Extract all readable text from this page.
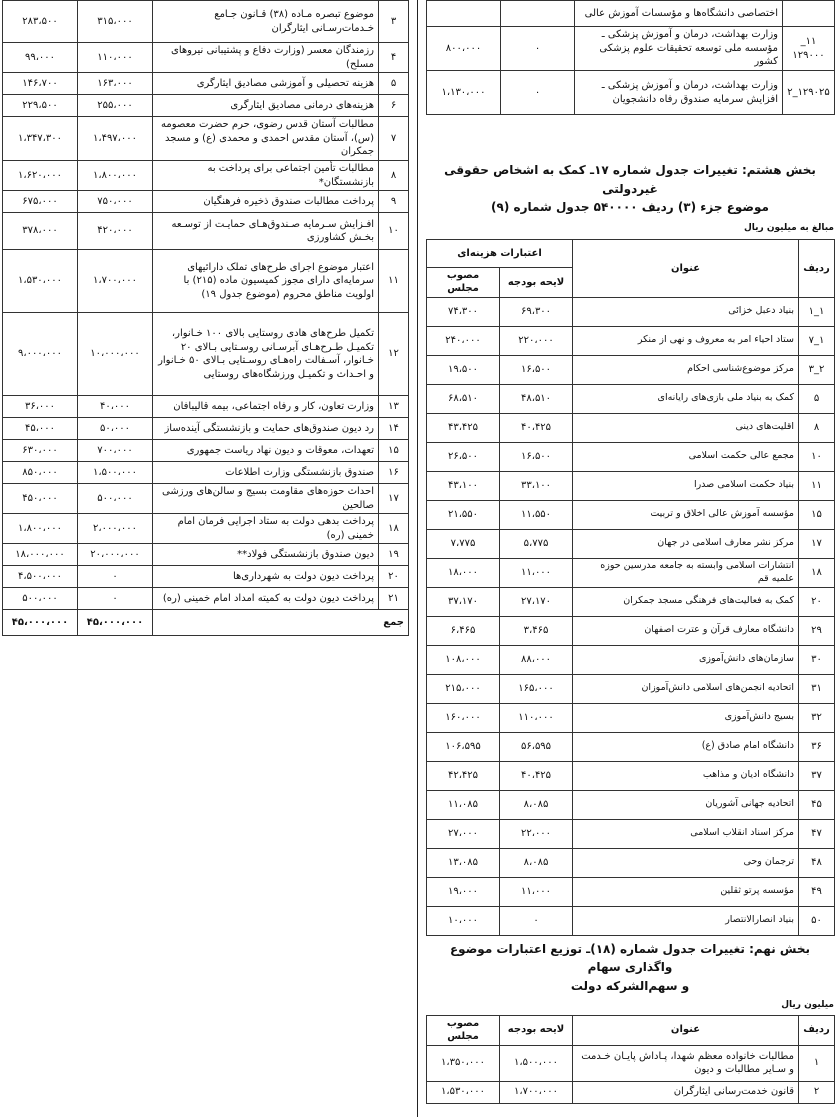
۳	موضوع تبصره مـاده (۳۸) قـانون جـامع خـدمات‌رسـانی ایثارگران	۳۱۵،۰۰۰	۲۸۳،۵۰۰
۴	رزمندگان معسر (وزارت دفاع و پشتیبانی نیروهای مسلح)	۱۱۰،۰۰۰	۹۹،۰۰۰
۵	هزینه تحصیلی و آموزشی مصادیق ایثارگری	۱۶۳،۰۰۰	۱۴۶،۷۰۰
۶	هزینه‌های درمانی مصادیق ایثارگری	۲۵۵،۰۰۰	۲۲۹،۵۰۰
۷	مطالبات آستان قدس رضوی، حرم حضرت معصومه (س)، آستان مقدس احمدی و محمدی (ع) و مسجد جمکران	۱،۴۹۷،۰۰۰	۱،۳۴۷،۳۰۰
۸	مطالبات تأمین اجتماعی برای پرداخت به بازنشستگان*	۱،۸۰۰،۰۰۰	۱،۶۲۰،۰۰۰
۹	پرداخت مطالبات صندوق ذخیره فرهنگیان	۷۵۰،۰۰۰	۶۷۵،۰۰۰
۱۰	افـزایش سـرمایه صـندوق‌هـای حمایـت از توسـعه بخـش کشاورزی	۴۲۰،۰۰۰	۳۷۸،۰۰۰
۱۱	اعتبار موضوع اجرای طرح‌های تملک دارائیهای سرمایه‌ای دارای مجوز کمیسیون ماده (۲۱۵) با اولویت مناطق محروم (موضوع جدول ۱۹)	۱،۷۰۰،۰۰۰	۱،۵۳۰،۰۰۰
۱۲	تکمیل طرح‌های هادی روستایی بالای ۱۰۰ خـانوار، تکمیـل طـرح‌هـای آبرسـانی روسـتایی بـالای ۲۰ خـانوار، آسـفالت راه‌هـای روسـتایی بـالای ۵۰ خـانوار و احـداث و تکمیـل ورزشگاه‌های روستایی	۱۰،۰۰۰،۰۰۰	۹،۰۰۰،۰۰۰
۱۳	وزارت تعاون، کار و رفاه اجتماعی، بیمه قالیبافان	۴۰،۰۰۰	۳۶،۰۰۰
۱۴	رد دیون صندوق‌های حمایت و بازنشستگی آینده‌ساز	۵۰،۰۰۰	۴۵،۰۰۰
۱۵	تعهدات، معوقات و دیون نهاد ریاست جمهوری	۷۰۰،۰۰۰	۶۳۰،۰۰۰
۱۶	صندوق بازنشستگی وزارت اطلاعات	۱،۵۰۰،۰۰۰	۸۵۰،۰۰۰
۱۷	احداث حوزه‌های مقاومت بسیج و سالن‌های ورزشی صالحین	۵۰۰،۰۰۰	۴۵۰،۰۰۰
۱۸	پرداخت بدهی دولت به ستاد اجرایی فرمان امام خمینی (ره)	۲،۰۰۰،۰۰۰	۱،۸۰۰،۰۰۰
۱۹	دیون صندوق بازنشستگی فولاد**	۲۰،۰۰۰،۰۰۰	۱۸،۰۰۰،۰۰۰
۲۰	پرداخت دیون دولت به شهرداری‌ها	۰	۴،۵۰۰،۰۰۰
۲۱	پرداخت دیون دولت به کمیته امداد امام خمینی (ره)	۰	۵۰۰،۰۰۰
جمع		۴۵،۰۰۰،۰۰۰	۴۵،۰۰۰،۰۰۰
	اختصاصی دانشگاه‌ها و مؤسسات آموزش عالی		
۱۱_ ۱۲۹۰۰۰	وزارت بهداشت، درمان و آموزش پزشکی ـ مؤسسه ملی توسعه تحقیقات علوم پزشکی کشور	۰	۸۰۰،۰۰۰
۱۲۹۰۲۵_۲	وزارت بهداشت، درمان و آموزش پزشکی ـ افزایش سرمایه صندوق رفاه دانشجویان	۰	۱،۱۳۰،۰۰۰

بخش هشتم: تغییرات جدول شماره ۱۷ـ کمک به اشخاص حقوقی غیردولتی

موضوع جزء (۳) ردیف ۵۴۰۰۰۰ جدول شماره (۹)

مبالغ به میلیون ریال

ردیف	عنوان	اعتبارات هزینه‌ای	
		لایحه بودجه	مصوب مجلس
۱_۱	بنیاد دعبل خزائی	۶۹،۳۰۰	۷۴،۳۰۰
۱_۷	ستاد احیاء امر به معروف و نهی از منکر	۲۲۰،۰۰۰	۲۴۰،۰۰۰
۲_۳	مرکز موضوع‌شناسی احکام	۱۶،۵۰۰	۱۹،۵۰۰
۵	کمک به بنیاد ملی بازی‌های رایانه‌ای	۴۸،۵۱۰	۶۸،۵۱۰
۸	اقلیت‌های دینی	۴۰،۴۲۵	۴۳،۴۲۵
۱۰	مجمع عالی حکمت اسلامی	۱۶،۵۰۰	۲۶،۵۰۰
۱۱	بنیاد حکمت اسلامی صدرا	۳۳،۱۰۰	۴۳،۱۰۰
۱۵	مؤسسه آموزش عالی اخلاق و تربیت	۱۱،۵۵۰	۲۱،۵۵۰
۱۷	مرکز نشر معارف اسلامی در جهان	۵،۷۷۵	۷،۷۷۵
۱۸	انتشارات اسلامی وابسته به جامعه مدرسین حوزه علمیه قم	۱۱،۰۰۰	۱۸،۰۰۰
۲۰	کمک به فعالیت‌های فرهنگی مسجد جمکران	۲۷،۱۷۰	۳۷،۱۷۰
۲۹	دانشگاه معارف قرآن و عترت اصفهان	۳،۴۶۵	۶،۴۶۵
۳۰	سازمان‌های دانش‌آموزی	۸۸،۰۰۰	۱۰۸،۰۰۰
۳۱	اتحادیه انجمن‌های اسلامی دانش‌آموزان	۱۶۵،۰۰۰	۲۱۵،۰۰۰
۳۲	بسیج دانش‌آموزی	۱۱۰،۰۰۰	۱۶۰،۰۰۰
۳۶	دانشگاه امام صادق (ع)	۵۶،۵۹۵	۱۰۶،۵۹۵
۳۷	دانشگاه ادیان و مذاهب	۴۰،۴۲۵	۴۲،۴۲۵
۴۵	اتحادیه جهانی آشوریان	۸،۰۸۵	۱۱،۰۸۵
۴۷	مرکز اسناد انقلاب اسلامی	۲۲،۰۰۰	۲۷،۰۰۰
۴۸	ترجمان وحی	۸،۰۸۵	۱۳،۰۸۵
۴۹	مؤسسه پرتو ثقلین	۱۱،۰۰۰	۱۹،۰۰۰
۵۰	بنیاد انصارالانتصار	۰	۱۰،۰۰۰

بخش نهم: تغییرات جدول شماره (۱۸)ـ توزیع اعتبارات موضوع واگذاری سهام

و سهم‌الشرکه دولت

میلیون ریال

ردیف	عنوان	لایحه بودجه	مصوب مجلس
۱	مطالبات خانواده معظم شهدا، پـاداش پایـان خـدمت و سـایر مطالبات و دیون	۱،۵۰۰،۰۰۰	۱،۳۵۰،۰۰۰
۲	قانون خدمت‌رسانی ایثارگران	۱،۷۰۰،۰۰۰	۱،۵۳۰،۰۰۰
